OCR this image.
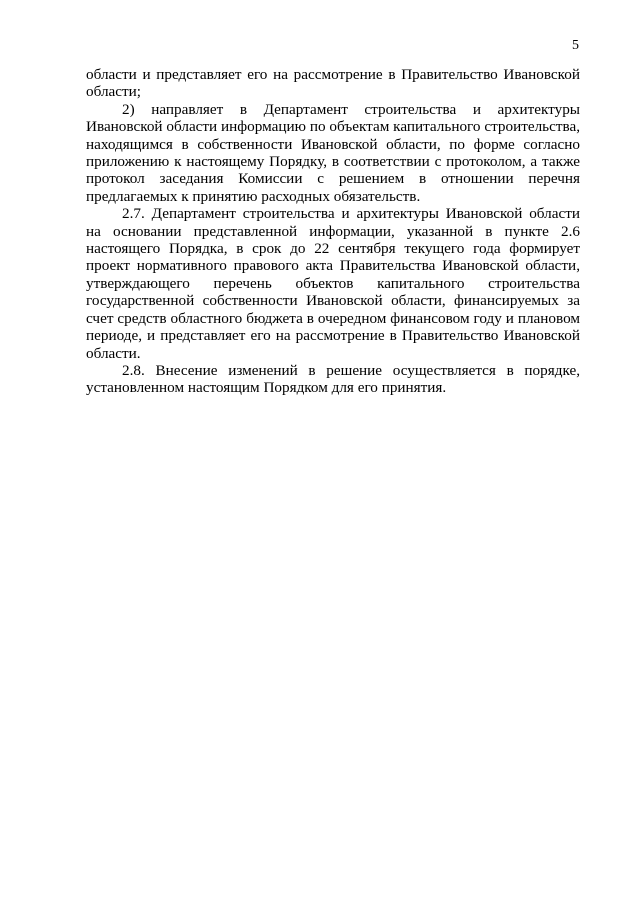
5

области и представляет его на рассмотрение в Правительство Ивановской области;

2) направляет в Департамент строительства и архитектуры Ивановской области информацию по объектам капитального строительства, находящимся в собственности Ивановской области, по форме согласно приложению к настоящему Порядку, в соответствии с протоколом, а также протокол заседания Комиссии с решением в отношении перечня предлагаемых к принятию расходных обязательств.

2.7. Департамент строительства и архитектуры Ивановской области на основании представленной информации, указанной в пункте 2.6 настоящего Порядка, в срок до 22 сентября текущего года формирует проект нормативного правового акта Правительства Ивановской области, утверждающего перечень объектов капитального строительства государственной собственности Ивановской области, финансируемых за счет средств областного бюджета в очередном финансовом году и плановом периоде, и представляет его на рассмотрение в Правительство Ивановской области.

2.8. Внесение изменений в решение осуществляется в порядке, установленном настоящим Порядком для его принятия.
